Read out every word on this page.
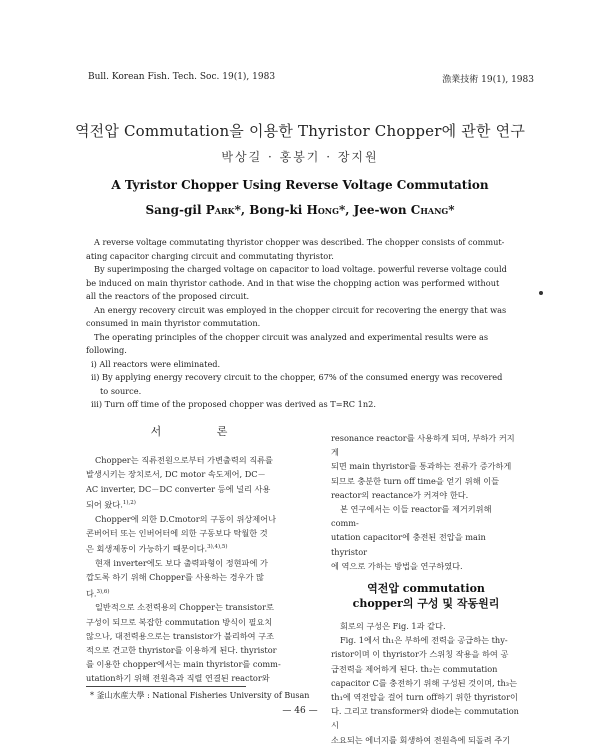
Bull. Korean Fish. Tech. Soc. 19(1), 1983	漁業技術 19(1), 1983
역전압 Commutation을 이용한 Thyristor Chopper에 관한 연구
박상길 · 홍봉기 · 장지원
A Tyristor Chopper Using Reverse Voltage Commutation
Sang-gil Park*, Bong-ki Hong*, Jee-won Chang*

A reverse voltage commutating thyristor chopper was described. The chopper consists of commut-

ating capacitor charging circuit and commutating thyristor.

By superimposing the charged voltage on capacitor to load voltage. powerful reverse voltage could

be induced on main thyristor cathode. And in that wise the chopping action was performed without

all the reactors of the proposed circuit.

An energy recovery circuit was employed in the chopper circuit for recovering the energy that was

consumed in main thyristor commutation.

The operating principles of the chopper circuit was analyzed and experimental results were as

following.

i) All reactors were eliminated.

ii) By applying energy recovery circuit to the chopper, 67% of the consumed energy was recovered

to source.

iii) Turn off time of the proposed chopper was derived as T=RC 1n2.

서 론

Chopper는 직류전원으로부터 가변출력의 직류를

발생시키는 장치로서, DC motor 속도제어, DC－

AC inverter, DC－DC converter 등에 널리 사용

되어 왔다.$^{1),2)}$

Chopper에 의한 D.Cmotor의 구동이 위상제어나

콘버어터 또는 인버어터에 의한 구동보다 탁월한 것

은 회생제동이 가능하기 때문이다.$^{3),4),5)}$

현재 inverter에도 보다 출력파형이 정현파에 가

깝도록 하기 위해 Chopper를 사용하는 경우가 많

다.$^{3),6)}$

일반적으로 소전력용의 Chopper는 transistor로

구성이 되므로 복잡한 commutation 방식이 필요치

않으나, 대전력용으로는 transistor가 불리하여 구조

적으로 견고한 thyristor를 이용하게 된다. thyristor

를 이용한 chopper에서는 main thyristor를 comm-

utation하기 위해 전원측과 직렬 연결된 reactor와

resonance reactor를 사용하게 되며, 부하가 커지게

되면 main thyristor를 통과하는 전류가 증가하게

되므로 충분한 turn off time을 얻기 위해 이들

reactor의 reactance가 커져야 한다.

본 연구에서는 이들 reactor를 제거키위해 comm-

utation capacitor에 충전된 전압을 main thyristor

에 역으로 가하는 방법을 연구하였다.

역전압 commutation
chopper의 구성 및 작동원리

회로의 구성은 Fig. 1과 같다.

Fig. 1에서 th₁은 부하에 전력을 공급하는 thy-

ristor이며 이 thyristor가 스위칭 작용을 하여 공

급전력을 제어하게 된다. th₂는 commutation

capacitor C를 충전하기 위해 구성된 것이며, th₃는

th₁에 역전압을 걸어 turn off하기 위한 thyristor이

다. 그리고 transformer와 diode는 commutation시

소요되는 에너지를 회생하여 전원측에 되돌려 주기

* 釜山水産大學 : National Fisheries University of Busan
— 46 —
